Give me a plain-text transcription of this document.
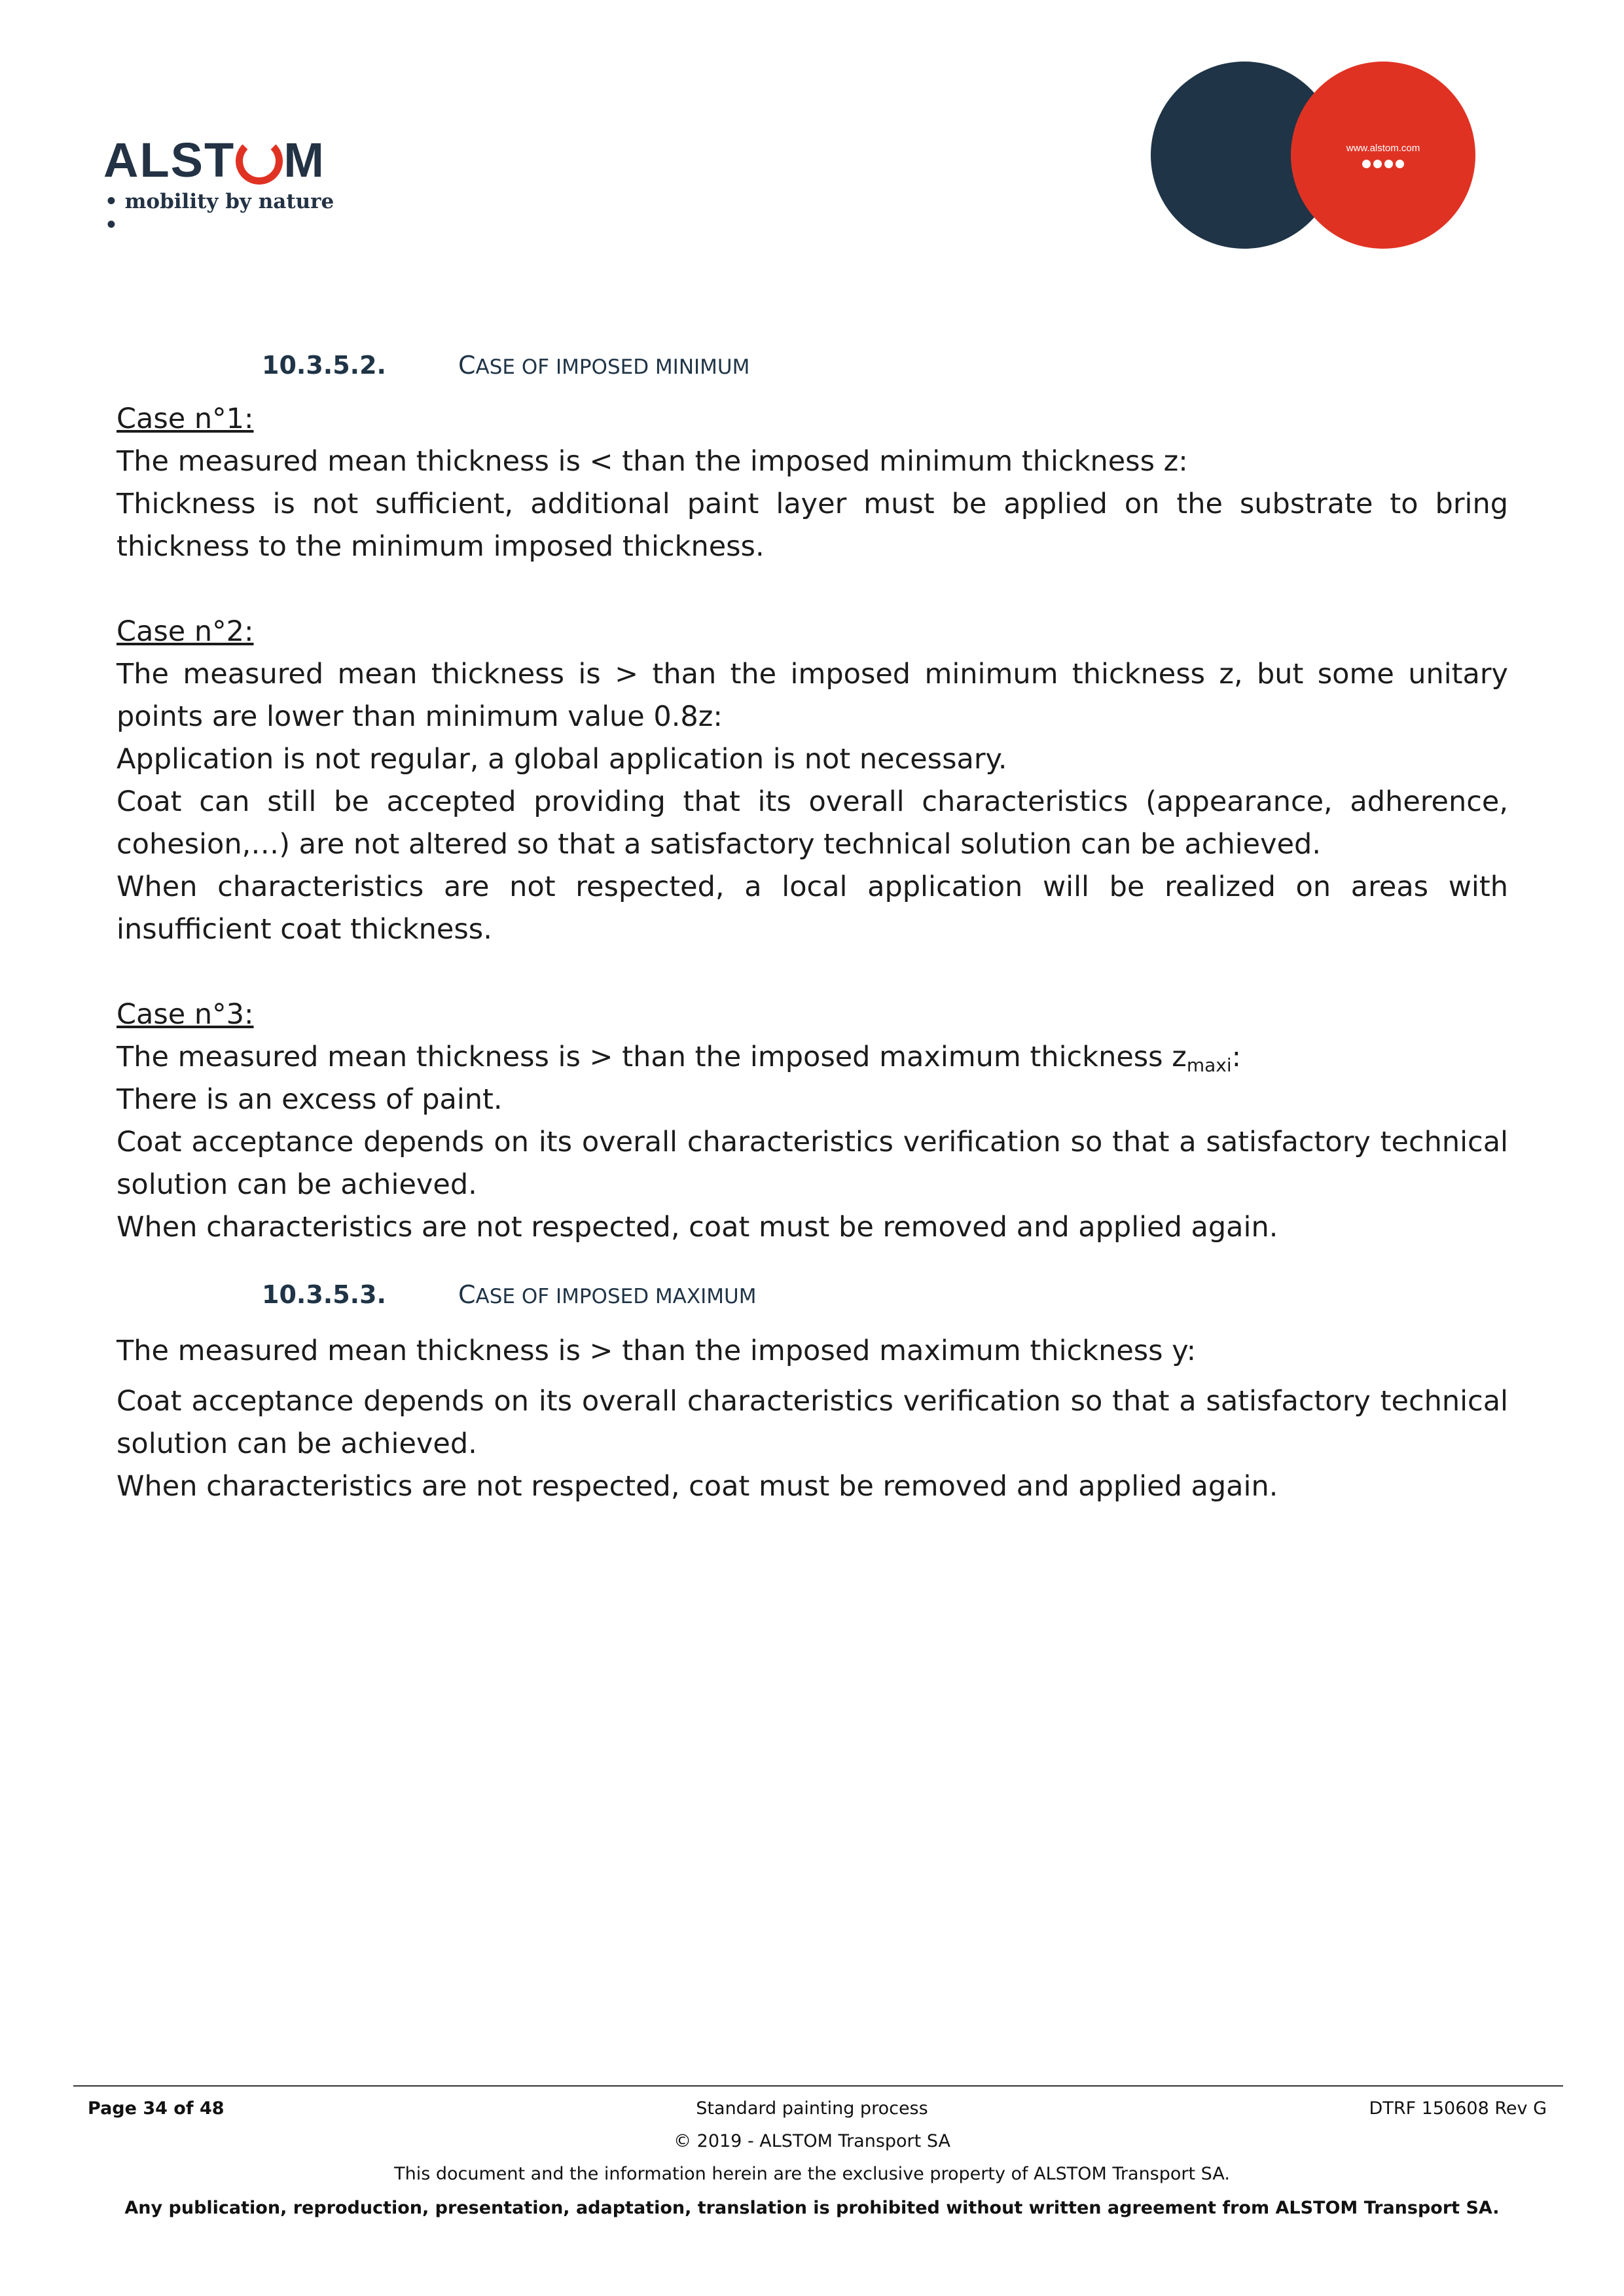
ALST M
• mobility by nature •
www.alstom.com
10.3.5.2.	CASE OF IMPOSED MINIMUM

Case n°1:

The measured mean thickness is < than the imposed minimum thickness z:

Thickness is not sufficient, additional paint layer must be applied on the substrate to bring thickness to the minimum imposed thickness.

Case n°2:

The measured mean thickness is > than the imposed minimum thickness z, but some unitary points are lower than minimum value 0.8z:

Application is not regular, a global application is not necessary.

Coat can still be accepted providing that its overall characteristics (appearance, adherence, cohesion,…) are not altered so that a satisfactory technical solution can be achieved.

When characteristics are not respected, a local application will be realized on areas with insufficient coat thickness.

Case n°3:

The measured mean thickness is > than the imposed maximum thickness $z_{maxi}$:

There is an excess of paint.

Coat acceptance depends on its overall characteristics verification so that a satisfactory technical solution can be achieved.

When characteristics are not respected, coat must be removed and applied again.

10.3.5.3.	CASE OF IMPOSED MAXIMUM

The measured mean thickness is > than the imposed maximum thickness y:

Coat acceptance depends on its overall characteristics verification so that a satisfactory technical solution can be achieved.

When characteristics are not respected, coat must be removed and applied again.

Page 34 of 48	Standard painting process	DTRF 150608 Rev G
© 2019 - ALSTOM Transport SA
This document and the information herein are the exclusive property of ALSTOM Transport SA.
Any publication, reproduction, presentation, adaptation, translation is prohibited without written agreement from ALSTOM Transport SA.
